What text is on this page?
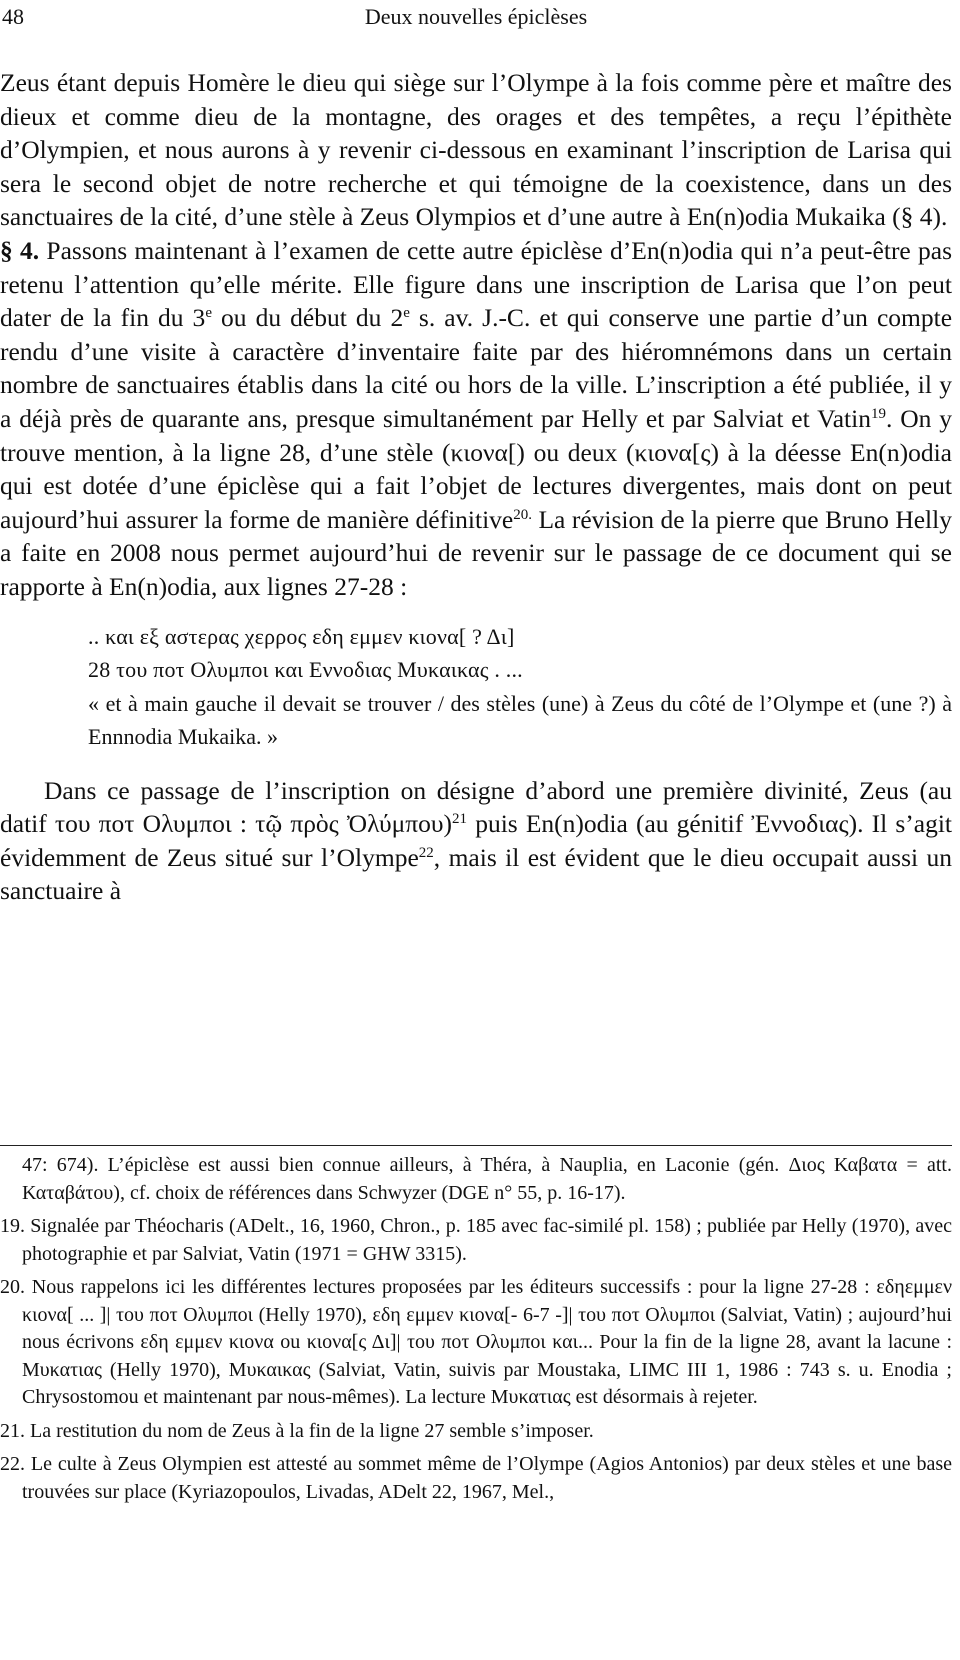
48	Deux nouvelles épiclèses

Zeus étant depuis Homère le dieu qui siège sur l’Olympe à la fois comme père et maître des dieux et comme dieu de la montagne, des orages et des tempêtes, a reçu l’épithète d’Olympien, et nous aurons à y revenir ci-dessous en examinant l’inscription de Larisa qui sera le second objet de notre recherche et qui témoigne de la coexistence, dans un des sanctuaires de la cité, d’une stèle à Zeus Olympios et d’une autre à En(n)odia Mukaika (§ 4).

§ 4. Passons maintenant à l’examen de cette autre épiclèse d’En(n)odia qui n’a peut-être pas retenu l’attention qu’elle mérite. Elle figure dans une inscription de Larisa que l’on peut dater de la fin du 3e ou du début du 2e s. av. J.-C. et qui conserve une partie d’un compte rendu d’une visite à caractère d’inventaire faite par des hiéromnémons dans un certain nombre de sanctuaires établis dans la cité ou hors de la ville. L’inscription a été publiée, il y a déjà près de quarante ans, presque simultanément par Helly et par Salviat et Vatin$^{19}$. On y trouve mention, à la ligne 28, d’une stèle (κιονα[) ou deux (κιονα[ς) à la déesse En(n)odia qui est dotée d’une épiclèse qui a fait l’objet de lectures divergentes, mais dont on peut aujourd’hui assurer la forme de manière définitive$^{20.}$ La révision de la pierre que Bruno Helly a faite en 2008 nous permet aujourd’hui de revenir sur le passage de ce document qui se rapporte à En(n)odia, aux lignes 27-28 :

.. και εξ αστερας χερρος εδη εμμεν κιονα[ ? Δι]

28 του ποτ Ολυμποι και Εννοδιας Μυκαικας . ...

« et à main gauche il devait se trouver / des stèles (une) à Zeus du côté de l’Olympe et (une ?) à Ennnodia Mukaika. »

Dans ce passage de l’inscription on désigne d’abord une première divinité, Zeus (au datif του ποτ Ολυμποι : τῷ πρὸς Ὀλύμπου)$^{21}$ puis En(n)odia (au génitif Ἐννοδιας). Il s’agit évidemment de Zeus situé sur l’Olympe$^{22}$, mais il est évident que le dieu occupait aussi un sanctuaire à

47: 674). L’épiclèse est aussi bien connue ailleurs, à Théra, à Nauplia, en Laconie (gén. Διος Καβατα = att. Καταβάτου), cf. choix de références dans Schwyzer (DGE n° 55, p. 16-17).

19. Signalée par Théocharis (ADelt., 16, 1960, Chron., p. 185 avec fac-similé pl. 158) ; publiée par Helly (1970), avec photographie et par Salviat, Vatin (1971 = GHW 3315).

20. Nous rappelons ici les différentes lectures proposées par les éditeurs successifs : pour la ligne 27-28 : εδηεμμεν κιονα[ ... ]| του ποτ Ολυμποι (Helly 1970), εδη εμμεν κιονα[- 6-7 -]| του ποτ Ολυμποι (Salviat, Vatin) ; aujourd’hui nous écrivons εδη εμμεν κιονα ou κιονα[ς Δι]| του ποτ Ολυμποι και... Pour la fin de la ligne 28, avant la lacune : Μυκατιας (Helly 1970), Μυκαικας (Salviat, Vatin, suivis par Moustaka, LIMC III 1, 1986 : 743 s. u. Enodia ; Chrysostomou et maintenant par nous-mêmes). La lecture Μυκατιας est désormais à rejeter.

21. La restitution du nom de Zeus à la fin de la ligne 27 semble s’imposer.

22. Le culte à Zeus Olympien est attesté au sommet même de l’Olympe (Agios Antonios) par deux stèles et une base trouvées sur place (Kyriazopoulos, Livadas, ADelt 22, 1967, Mel.,
